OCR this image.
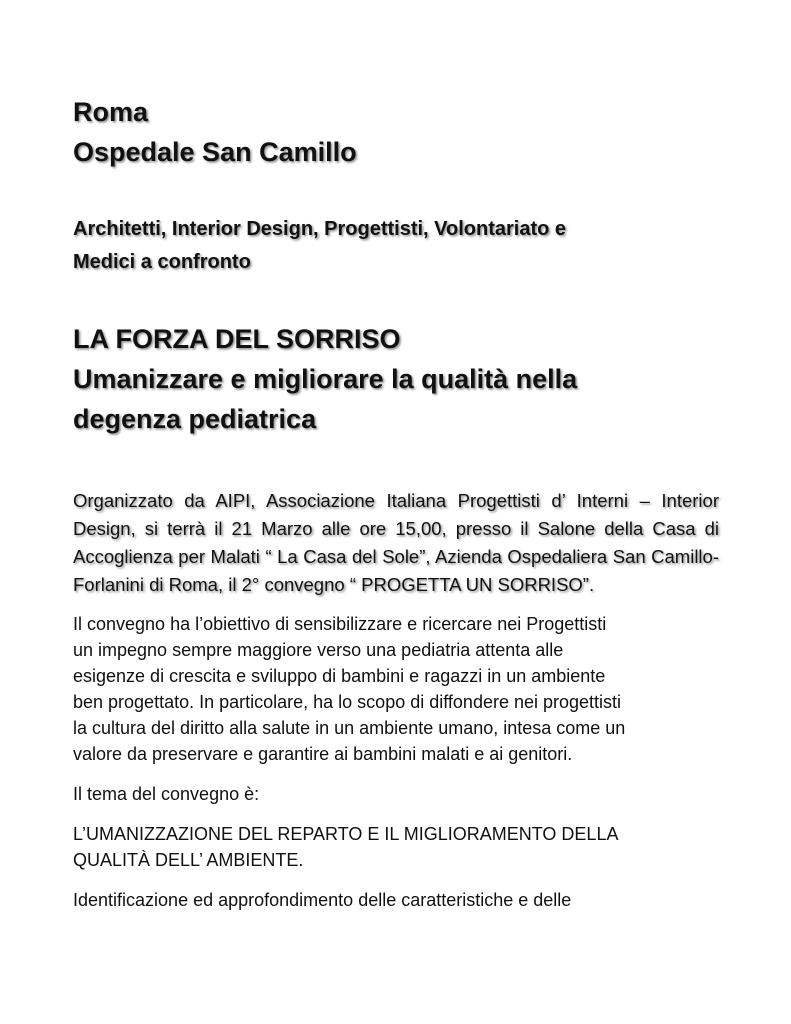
Roma
Ospedale San Camillo
Architetti, Interior Design, Progettisti, Volontariato e
Medici a confronto
LA FORZA DEL SORRISO
Umanizzare e migliorare la qualità nella
degenza pediatrica

Organizzato da AIPI, Associazione Italiana Progettisti d’ Interni – Interior Design, si terrà il 21 Marzo alle ore 15,00, presso il Salone della Casa di Accoglienza per Malati “ La Casa del Sole”, Azienda Ospedaliera San Camillo-Forlanini di Roma, il 2° convegno “ PROGETTA UN SORRISO”.

Il convegno ha l’obiettivo di sensibilizzare e ricercare nei Progettisti
un impegno sempre maggiore verso una pediatria attenta alle
esigenze di crescita e sviluppo di bambini e ragazzi in un ambiente
ben progettato. In particolare, ha lo scopo di diffondere nei progettisti
la cultura del diritto alla salute in un ambiente umano, intesa come un
valore da preservare e garantire ai bambini malati e ai genitori.

Il tema del convegno è:

L’UMANIZZAZIONE DEL REPARTO E IL MIGLIORAMENTO DELLA
QUALITÀ DELL’ AMBIENTE.

Identificazione ed approfondimento delle caratteristiche e delle
